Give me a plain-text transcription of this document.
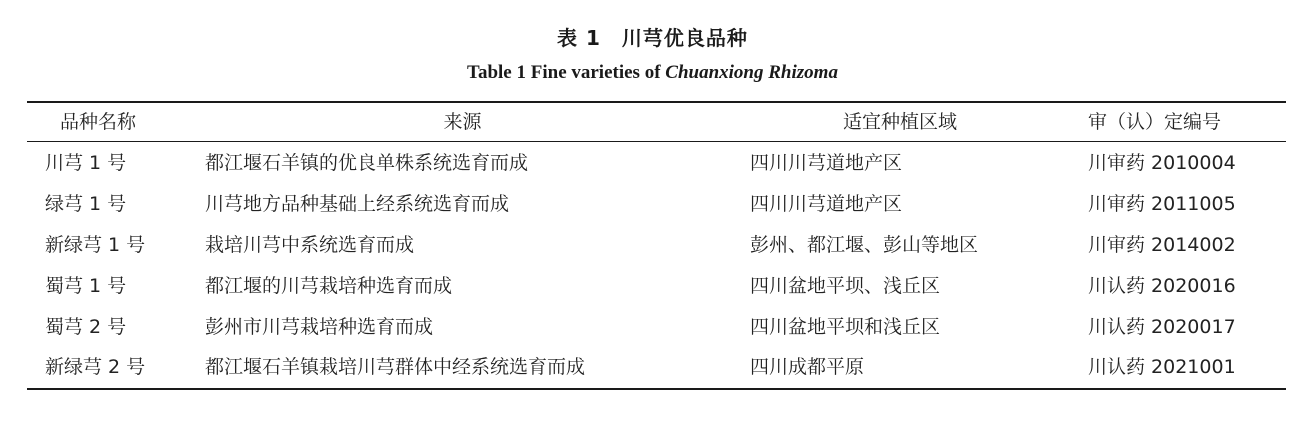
表 1　川芎优良品种
Table 1 Fine varieties of Chuanxiong Rhizoma
品种名称	来源	适宜种植区域	审（认）定编号
川芎 1 号	都江堰石羊镇的优良单株系统选育而成	四川川芎道地产区	川审药 2010004
绿芎 1 号	川芎地方品种基础上经系统选育而成	四川川芎道地产区	川审药 2011005
新绿芎 1 号	栽培川芎中系统选育而成	彭州、都江堰、彭山等地区	川审药 2014002
蜀芎 1 号	都江堰的川芎栽培种选育而成	四川盆地平坝、浅丘区	川认药 2020016
蜀芎 2 号	彭州市川芎栽培种选育而成	四川盆地平坝和浅丘区	川认药 2020017
新绿芎 2 号	都江堰石羊镇栽培川芎群体中经系统选育而成	四川成都平原	川认药 2021001
